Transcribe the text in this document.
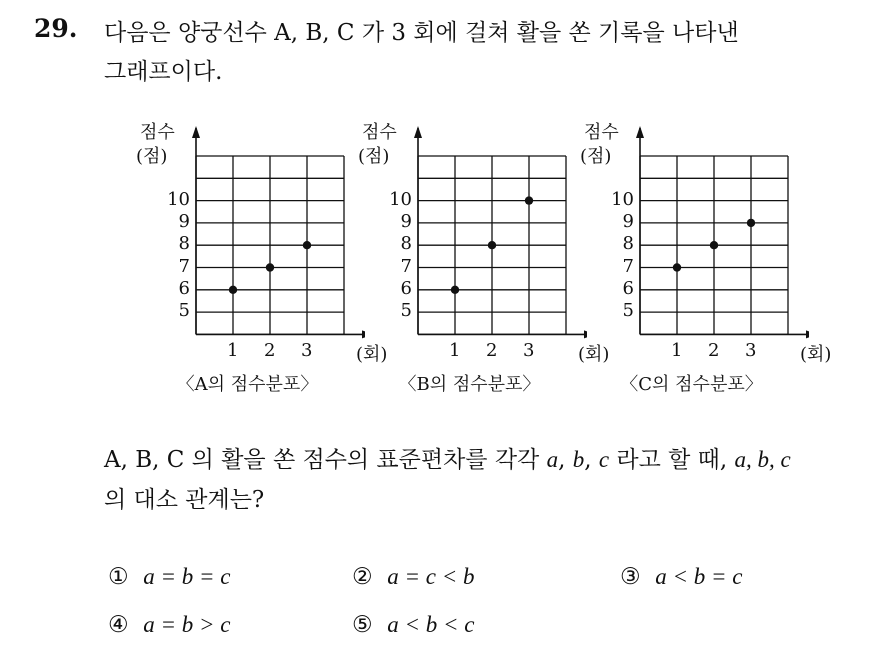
29. 다음은 양궁선수 A, B, C 가 3 회에 걸쳐 활을 쏜 기록을 나타낸
그래프이다.
점수
(점)
5
6
7
8
9
10
1 2 3 (회)
〈A의 점수분포〉
점수
(점)
5
6
7
8
9
10
1 2 3 (회)
〈B의 점수분포〉
점수
(점)
5
6
7
8
9
10
1 2 3 (회)
〈C의 점수분포〉
A, B, C 의 활을 쏜 점수의 표준편차를 각각 a, b, c 라고 할 때, a, b, c
의 대소 관계는?
① a = b = c	② a = c < b	③ a < b = c
④ a = b > c	⑤ a < b < c
